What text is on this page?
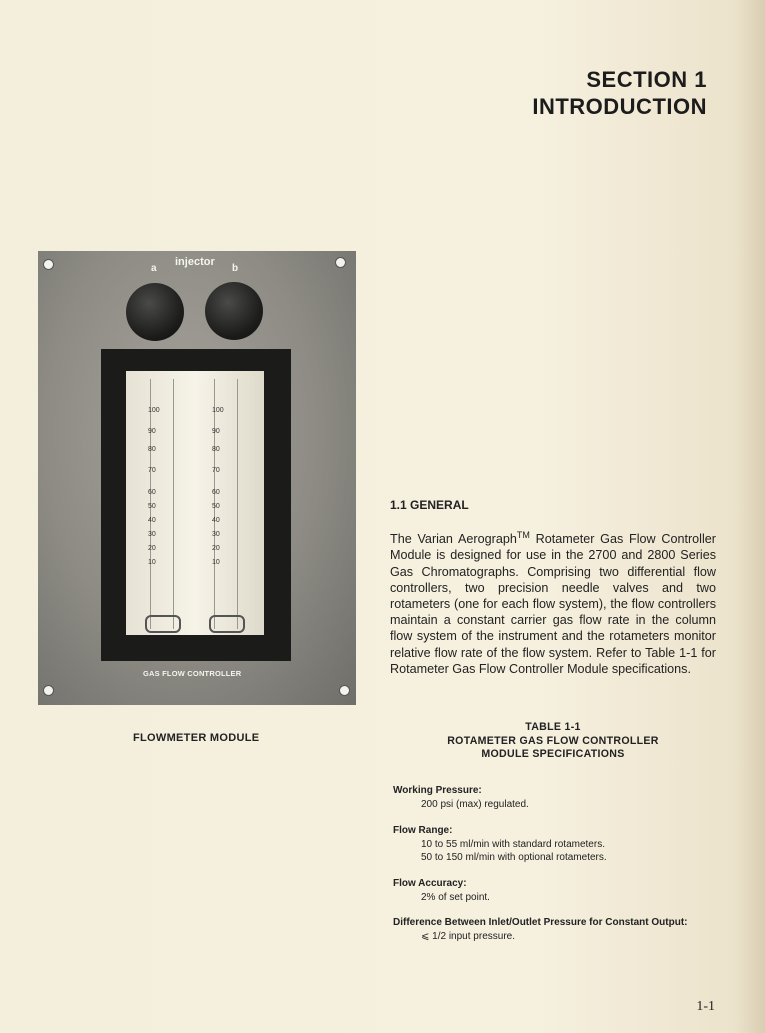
SECTION 1
INTRODUCTION
injector
a	b
100
90
80
70
60
50
40
30
20
10
100
90
80
70
60
50
40
30
20
10
GAS FLOW CONTROLLER
FLOWMETER MODULE
1.1 GENERAL
The Varian Aerograph™ Rotameter Gas Flow Controller Module is designed for use in the 2700 and 2800 Series Gas Chromatographs. Comprising two differential flow controllers, two precision needle valves and two rotameters (one for each flow system), the flow controllers maintain a constant carrier gas flow rate in the column flow system of the instrument and the rotameters monitor relative flow rate of the flow system. Refer to Table 1-1 for Rotameter Gas Flow Controller Module specifications.
TABLE 1-1
ROTAMETER GAS FLOW CONTROLLER
MODULE SPECIFICATIONS
Working Pressure:
200 psi (max) regulated.
Flow Range:
10 to 55 ml/min with standard rotameters.
50 to 150 ml/min with optional rotameters.
Flow Accuracy:
2% of set point.
Difference Between Inlet/Outlet Pressure for Constant Output:
⩽ 1/2 input pressure.
1-1
